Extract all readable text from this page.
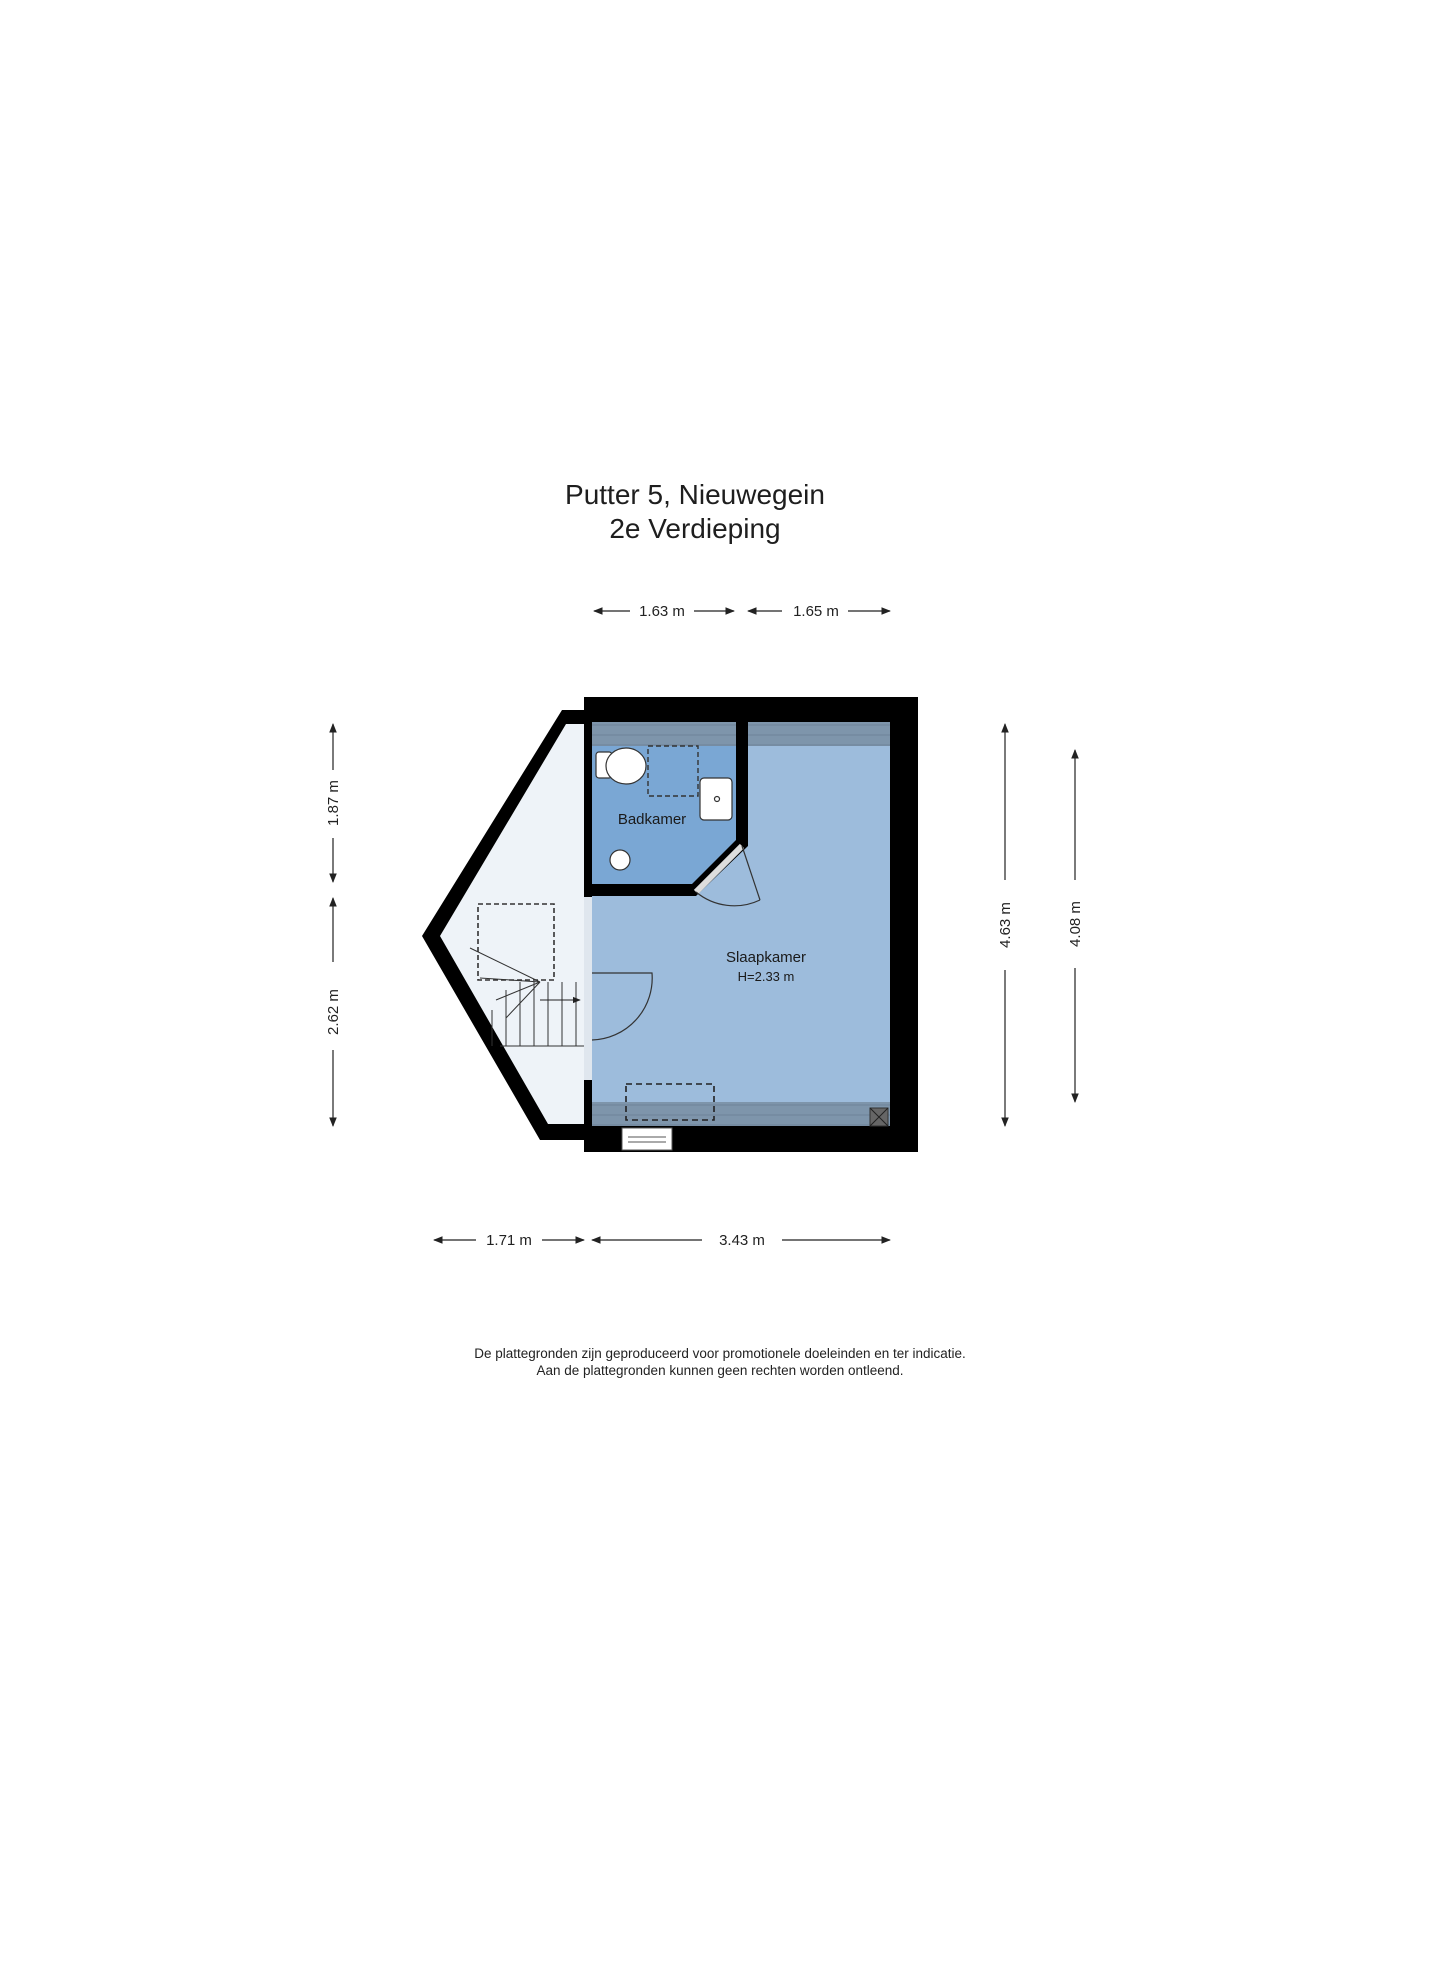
Putter 5, Nieuwegein
2e Verdieping
Badkamer
Slaapkamer
H=2.33 m
1.63 m	1.65 m
1.87 m
2.62 m
4.63 m	4.08 m
1.71 m	3.43 m
De plattegronden zijn geproduceerd voor promotionele doeleinden en ter indicatie.
Aan de plattegronden kunnen geen rechten worden ontleend.
